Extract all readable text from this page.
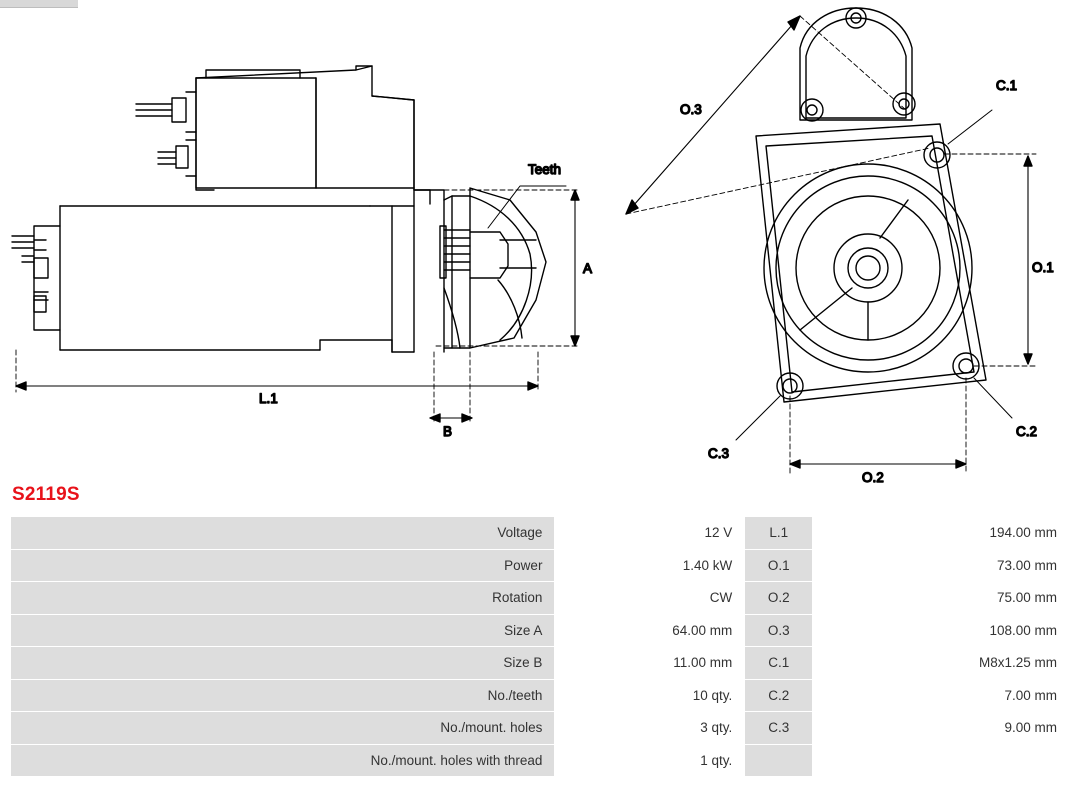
Teeth
A
L.1
B
C.1
C.2
C.3
O.3
O.1
O.2
S2119S
Voltage	12 V	L.1	194.00 mm
Power	1.40 kW	O.1	73.00 mm
Rotation	CW	O.2	75.00 mm
Size A	64.00 mm	O.3	108.00 mm
Size B	11.00 mm	C.1	M8x1.25 mm
No./teeth	10 qty.	C.2	7.00 mm
No./mount. holes	3 qty.	C.3	9.00 mm
No./mount. holes with thread	1 qty.		
